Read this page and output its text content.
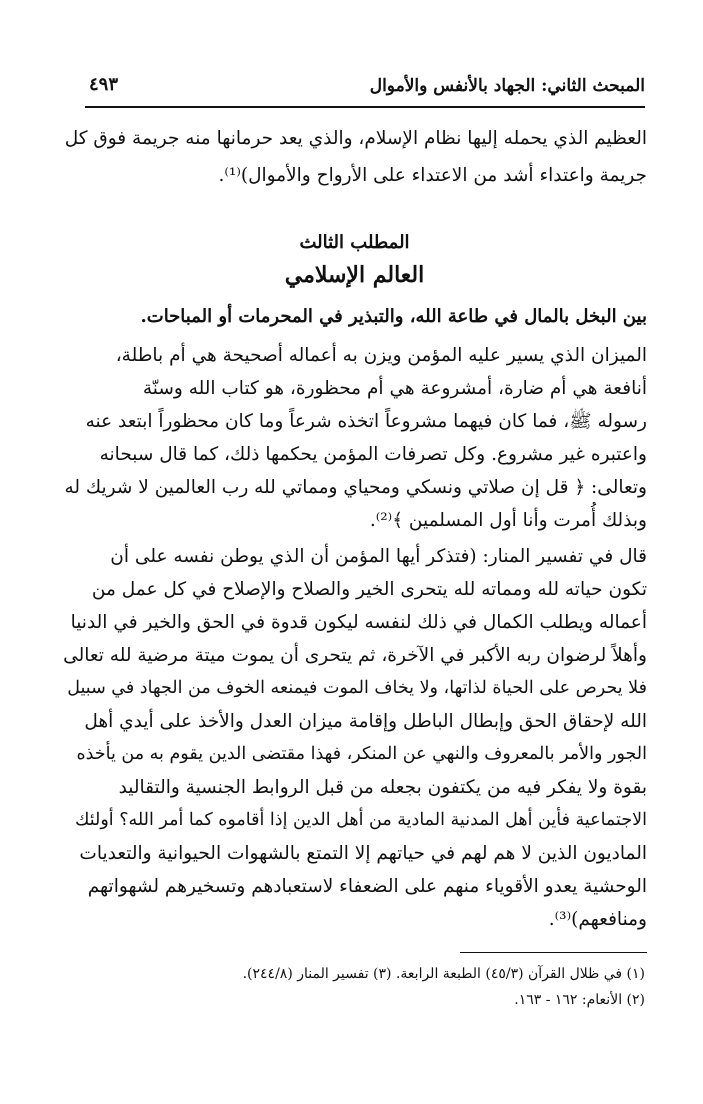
المبحث الثاني: الجهاد بالأنفس والأموال
٤٩٣
العظيم الذي يحمله إليها نظام الإسلام، والذي يعد حرمانها منه جريمة فوق كل
جريمة واعتداء أشد من الاعتداء على الأرواح والأموال)⁽¹⁾.
المطلب الثالث
العالم الإسلامي
بين البخل بالمال في طاعة الله، والتبذير في المحرمات أو المباحات.
الميزان الذي يسير عليه المؤمن ويزن به أعماله أصحيحة هي أم باطلة،
أنافعة هي أم ضارة، أمشروعة هي أم محظورة، هو كتاب الله وسنّة
رسوله ﷺ، فما كان فيهما مشروعاً اتخذه شرعاً وما كان محظوراً ابتعد عنه
واعتبره غير مشروع. وكل تصرفات المؤمن يحكمها ذلك، كما قال سبحانه
وتعالى: ﴿ قل إن صلاتي ونسكي ومحياي ومماتي لله رب العالمين لا شريك له
وبذلك أُمرت وأنا أول المسلمين ﴾⁽²⁾.
قال في تفسير المنار: (فتذكر أيها المؤمن أن الذي يوطن نفسه على أن
تكون حياته لله ومماته لله يتحرى الخير والصلاح والإصلاح في كل عمل من
أعماله ويطلب الكمال في ذلك لنفسه ليكون قدوة في الحق والخير في الدنيا
وأهلاً لرضوان ربه الأكبر في الآخرة، ثم يتحرى أن يموت ميتة مرضية لله تعالى
فلا يحرص على الحياة لذاتها، ولا يخاف الموت فيمنعه الخوف من الجهاد في سبيل
الله لإحقاق الحق وإبطال الباطل وإقامة ميزان العدل والأخذ على أيدي أهل
الجور والأمر بالمعروف والنهي عن المنكر، فهذا مقتضى الدين يقوم به من يأخذه
بقوة ولا يفكر فيه من يكتفون بجعله من قبل الروابط الجنسية والتقاليد
الاجتماعية فأين أهل المدنية المادية من أهل الدين إذا أقاموه كما أمر الله؟ أولئك
الماديون الذين لا هم لهم في حياتهم إلا التمتع بالشهوات الحيوانية والتعديات
الوحشية يعدو الأقوياء منهم على الضعفاء لاستعبادهم وتسخيرهم لشهواتهم
ومنافعهم)⁽³⁾.
(١) في ظلال القرآن (٤٥/٣) الطبعة الرابعة. (٣) تفسير المنار (٢٤٤/٨).
(٢) الأنعام: ١٦٢ - ١٦٣.
